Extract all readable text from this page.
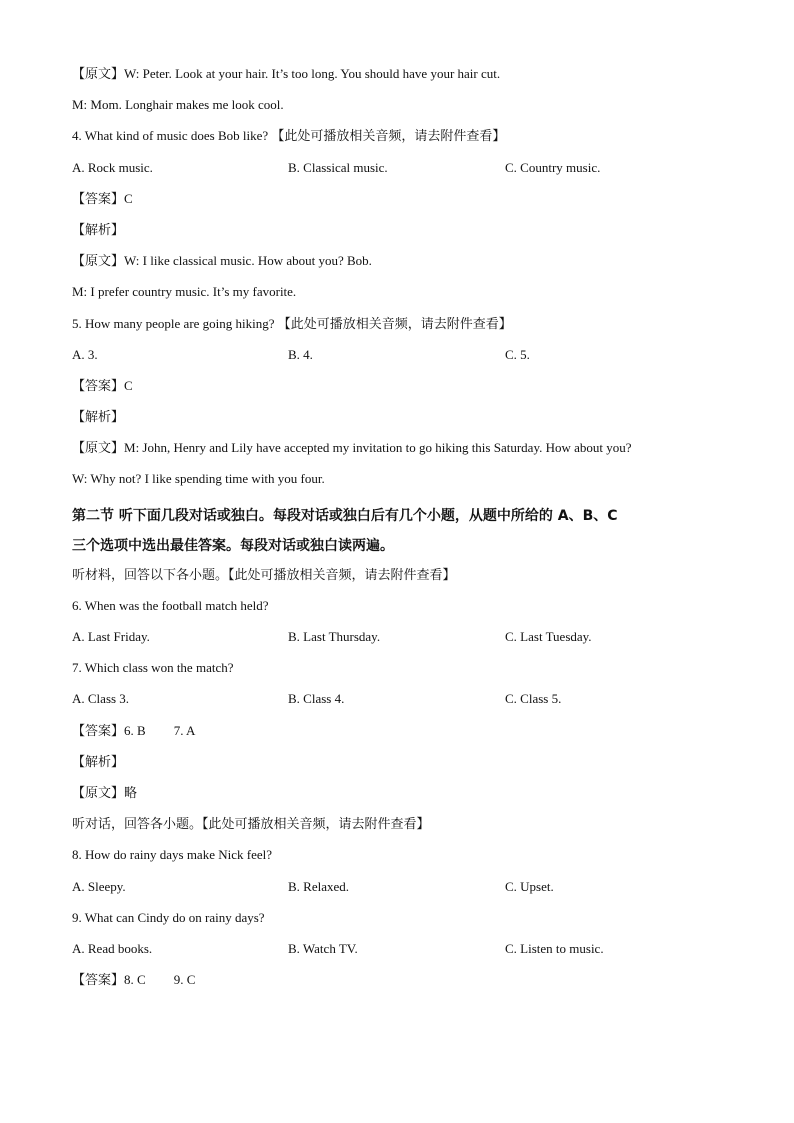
【原文】W: Peter. Look at your hair. It’s too long. You should have your hair cut.
M: Mom. Longhair makes me look cool.
4. What kind of music does Bob like? 【此处可播放相关音频，请去附件查看】
A. Rock music.	B. Classical music.	C. Country music.
【答案】C
【解析】
【原文】W: I like classical music. How about you? Bob.
M: I prefer country music. It’s my favorite.
5. How many people are going hiking? 【此处可播放相关音频，请去附件查看】
A. 3.	B. 4.	C. 5.
【答案】C
【解析】
【原文】M: John, Henry and Lily have accepted my invitation to go hiking this Saturday. How about you?
W: Why not? I like spending time with you four.
第二节 听下面几段对话或独白。每段对话或独白后有几个小题，从题中所给的 A、B、C
三个选项中选出最佳答案。每段对话或独白读两遍。
听材料，回答以下各小题。【此处可播放相关音频，请去附件查看】
6. When was the football match held?
A. Last Friday.	B. Last Thursday.	C. Last Tuesday.
7. Which class won the match?
A. Class 3.	B. Class 4.	C. Class 5.
【答案】6. B 7. A
【解析】
【原文】略
听对话，回答各小题。【此处可播放相关音频，请去附件查看】
8. How do rainy days make Nick feel?
A. Sleepy.	B. Relaxed.	C. Upset.
9. What can Cindy do on rainy days?
A. Read books.	B. Watch TV.	C. Listen to music.
【答案】8. C 9. C
